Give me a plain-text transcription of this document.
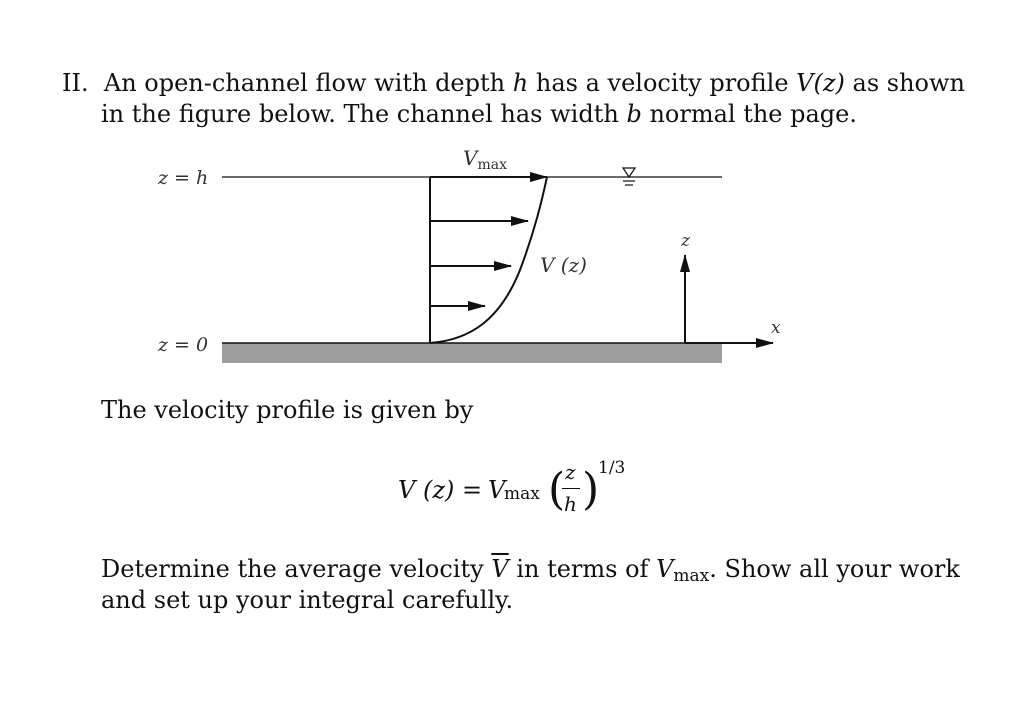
II. An open-channel flow with depth h has a velocity profile V(z) as shown
in the figure below. The channel has width b normal the page.
z = h
z = 0
$V_{max}$
V (z)
z
x
The velocity profile is given by
V (z) = V
max ( z
h )
1/3
Determine the average velocity $\overline{V}$ in terms of Vmax. Show all your work
and set up your integral carefully.
